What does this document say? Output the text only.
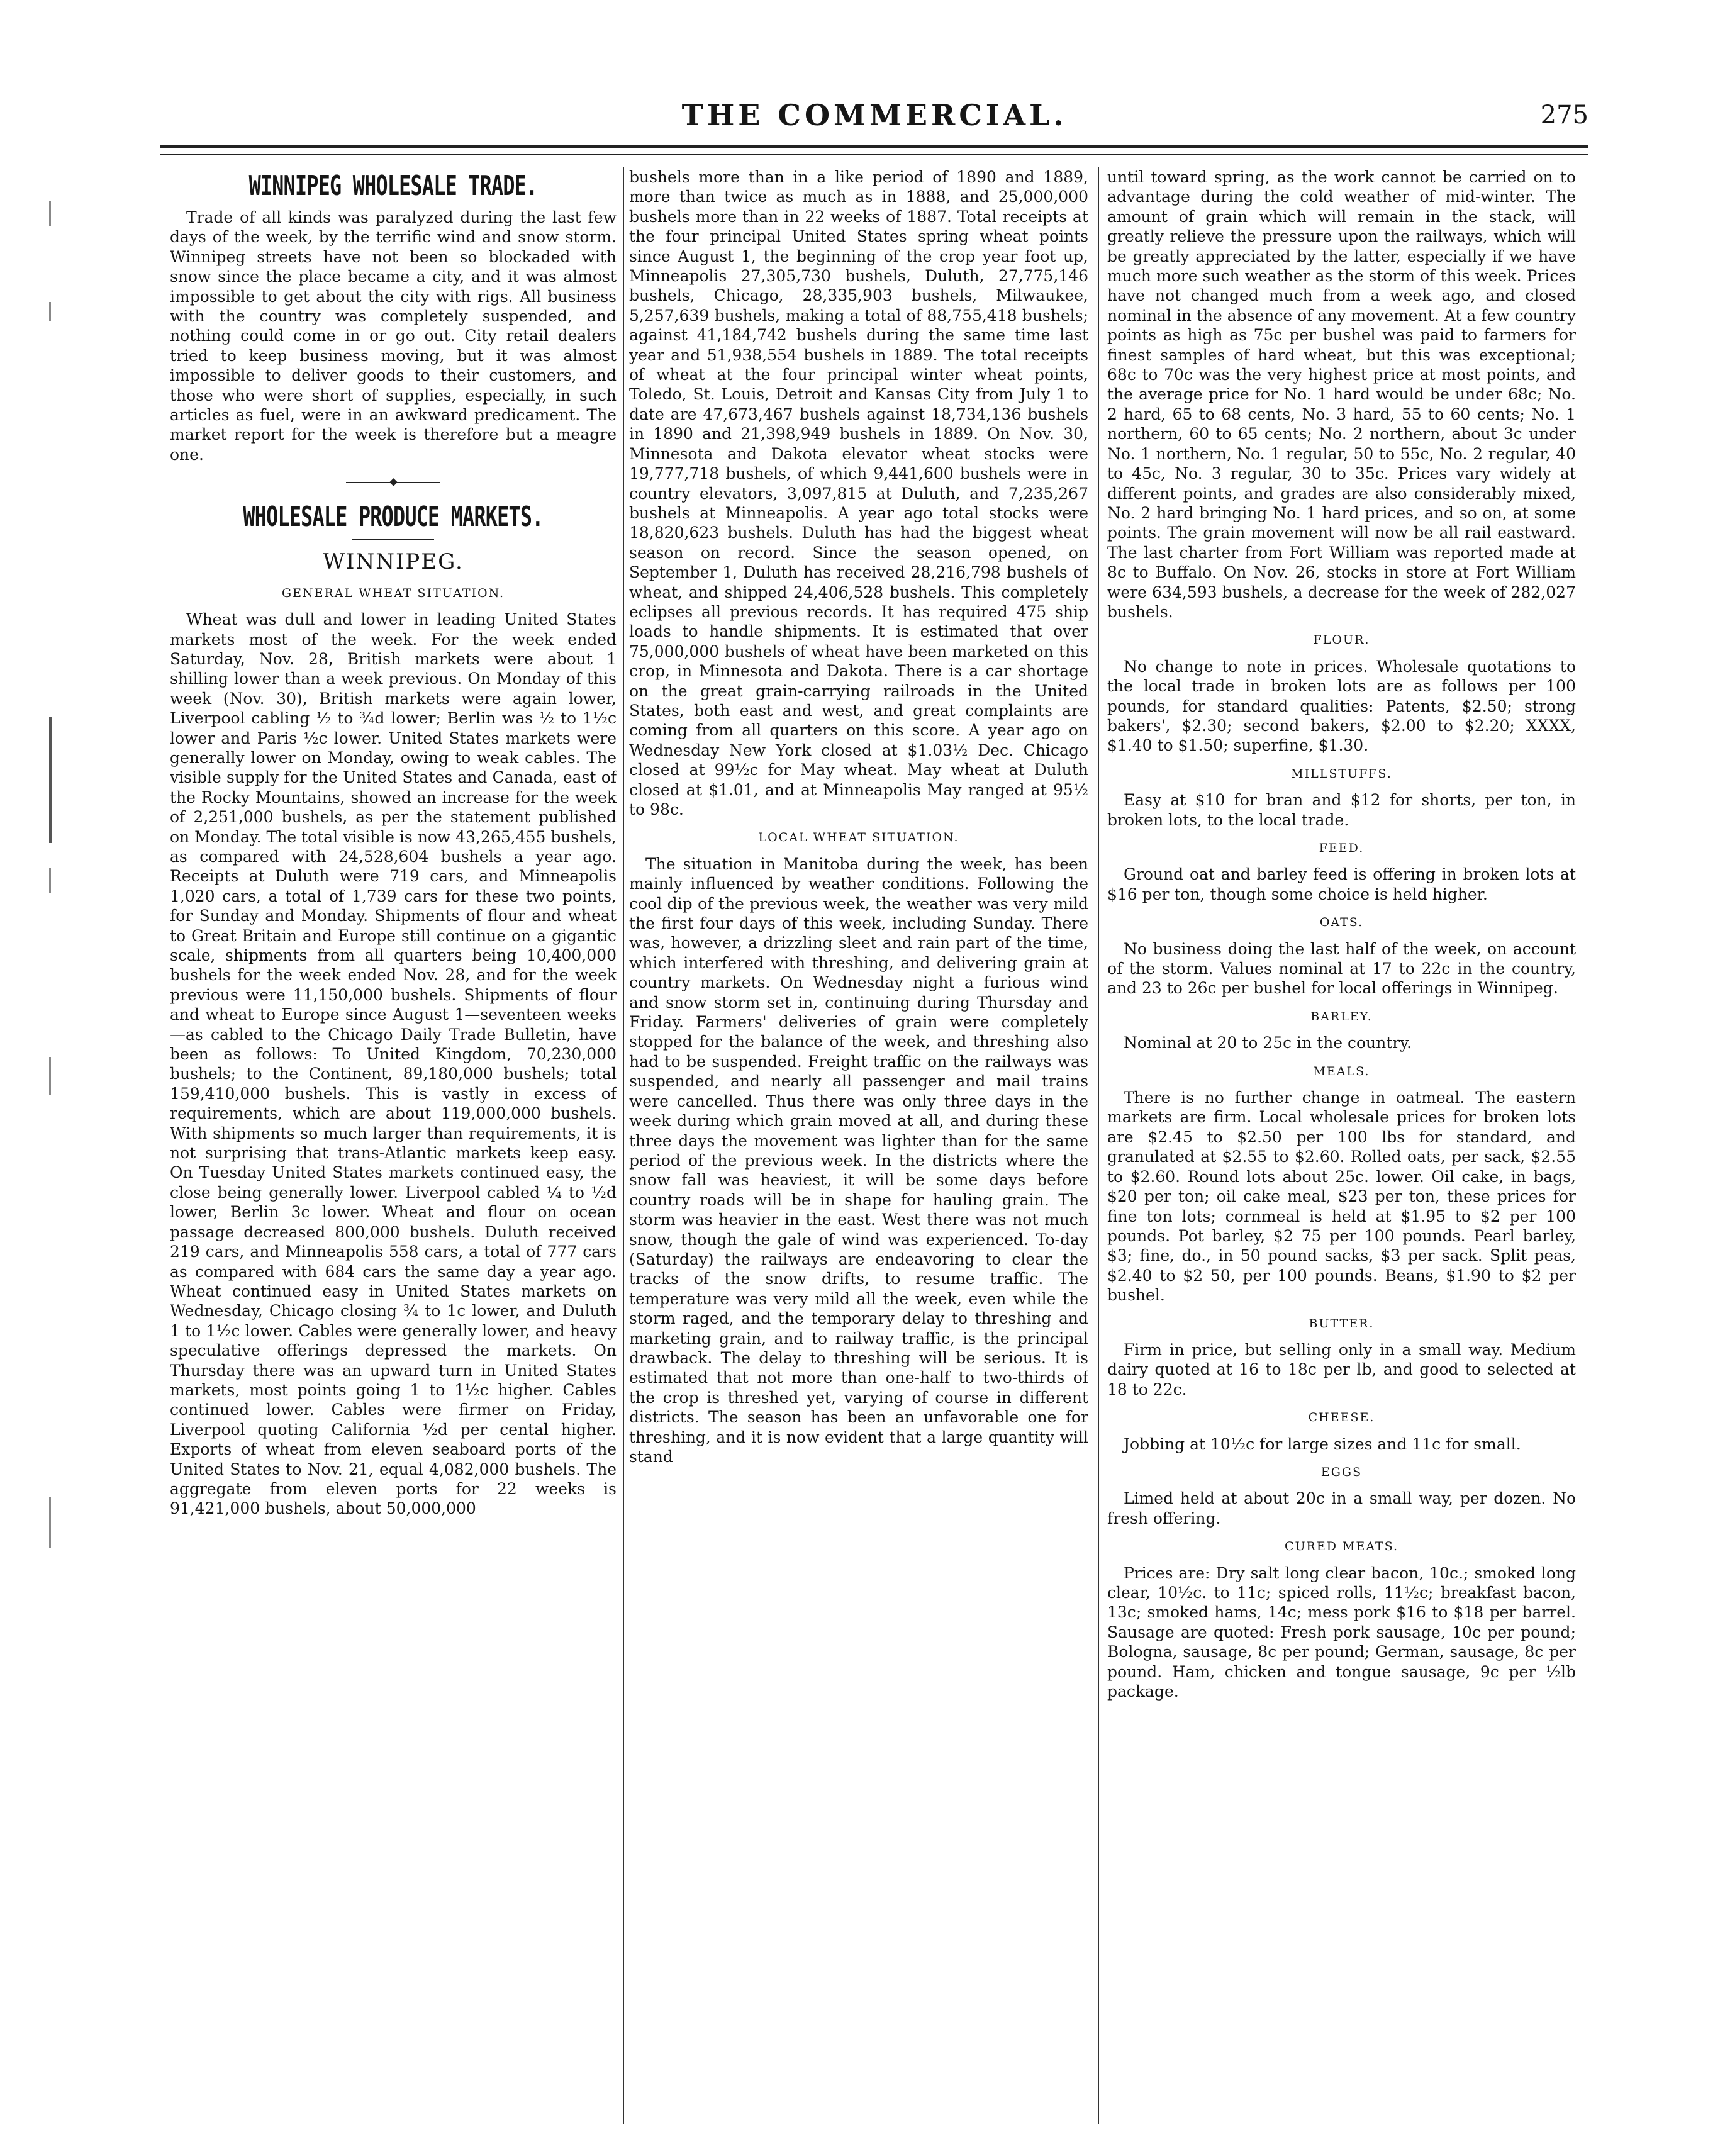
THE COMMERCIAL.	275
WINNIPEG WHOLESALE TRADE.

Trade of all kinds was paralyzed during the last few days of the week, by the terrific wind and snow storm. Winnipeg streets have not been so blockaded with snow since the place became a city, and it was almost impossible to get about the city with rigs. All business with the country was completely suspended, and nothing could come in or go out. City retail dealers tried to keep business moving, but it was almost impossible to deliver goods to their customers, and those who were short of supplies, especially, in such articles as fuel, were in an awkward predicament. The market report for the week is therefore but a meagre one.

WHOLESALE PRODUCE MARKETS.
WINNIPEG.
GENERAL WHEAT SITUATION.

Wheat was dull and lower in leading United States markets most of the week. For the week ended Saturday, Nov. 28, British markets were about 1 shilling lower than a week previous. On Monday of this week (Nov. 30), British markets were again lower, Liverpool cabling ½ to ¾d lower; Berlin was ½ to 1½c lower and Paris ½c lower. United States markets were generally lower on Monday, owing to weak cables. The visible supply for the United States and Canada, east of the Rocky Mountains, showed an increase for the week of 2,251,000 bushels, as per the statement published on Monday. The total visible is now 43,265,455 bushels, as compared with 24,528,604 bushels a year ago. Receipts at Duluth were 719 cars, and Minneapolis 1,020 cars, a total of 1,739 cars for these two points, for Sunday and Monday. Shipments of flour and wheat to Great Britain and Europe still continue on a gigantic scale, shipments from all quarters being 10,400,000 bushels for the week ended Nov. 28, and for the week previous were 11,150,000 bushels. Shipments of flour and wheat to Europe since August 1—seventeen weeks—as cabled to the Chicago Daily Trade Bulletin, have been as follows: To United Kingdom, 70,230,000 bushels; to the Continent, 89,180,000 bushels; total 159,410,000 bushels. This is vastly in excess of requirements, which are about 119,000,000 bushels. With shipments so much larger than requirements, it is not surprising that trans-Atlantic markets keep easy. On Tuesday United States markets continued easy, the close being generally lower. Liverpool cabled ¼ to ½d lower, Berlin 3c lower. Wheat and flour on ocean passage decreased 800,000 bushels. Duluth received 219 cars, and Minneapolis 558 cars, a total of 777 cars as compared with 684 cars the same day a year ago. Wheat continued easy in United States markets on Wednesday, Chicago closing ¾ to 1c lower, and Duluth 1 to 1½c lower. Cables were generally lower, and heavy speculative offerings depressed the markets. On Thursday there was an upward turn in United States markets, most points going 1 to 1½c higher. Cables continued lower. Cables were firmer on Friday, Liverpool quoting California ½d per cental higher. Exports of wheat from eleven seaboard ports of the United States to Nov. 21, equal 4,082,000 bushels. The aggregate from eleven ports for 22 weeks is 91,421,000 bushels, about 50,000,000

bushels more than in a like period of 1890 and 1889, more than twice as much as in 1888, and 25,000,000 bushels more than in 22 weeks of 1887. Total receipts at the four principal United States spring wheat points since August 1, the beginning of the crop year foot up, Minneapolis 27,305,730 bushels, Duluth, 27,775,146 bushels, Chicago, 28,335,903 bushels, Milwaukee, 5,257,639 bushels, making a total of 88,755,418 bushels; against 41,184,742 bushels during the same time last year and 51,938,554 bushels in 1889. The total receipts of wheat at the four principal winter wheat points, Toledo, St. Louis, Detroit and Kansas City from July 1 to date are 47,673,467 bushels against 18,734,136 bushels in 1890 and 21,398,949 bushels in 1889. On Nov. 30, Minnesota and Dakota elevator wheat stocks were 19,777,718 bushels, of which 9,441,600 bushels were in country elevators, 3,097,815 at Duluth, and 7,235,267 bushels at Minneapolis. A year ago total stocks were 18,820,623 bushels. Duluth has had the biggest wheat season on record. Since the season opened, on September 1, Duluth has received 28,216,798 bushels of wheat, and shipped 24,406,528 bushels. This completely eclipses all previous records. It has required 475 ship loads to handle shipments. It is estimated that over 75,000,000 bushels of wheat have been marketed on this crop, in Minnesota and Dakota. There is a car shortage on the great grain-carrying railroads in the United States, both east and west, and great complaints are coming from all quarters on this score. A year ago on Wednesday New York closed at $1.03½ Dec. Chicago closed at 99½c for May wheat. May wheat at Duluth closed at $1.01, and at Minneapolis May ranged at 95½ to 98c.

LOCAL WHEAT SITUATION.

The situation in Manitoba during the week, has been mainly influenced by weather conditions. Following the cool dip of the previous week, the weather was very mild the first four days of this week, including Sunday. There was, however, a drizzling sleet and rain part of the time, which interfered with threshing, and delivering grain at country markets. On Wednesday night a furious wind and snow storm set in, continuing during Thursday and Friday. Farmers' deliveries of grain were completely stopped for the balance of the week, and threshing also had to be suspended. Freight traffic on the railways was suspended, and nearly all passenger and mail trains were cancelled. Thus there was only three days in the week during which grain moved at all, and during these three days the movement was lighter than for the same period of the previous week. In the districts where the snow fall was heaviest, it will be some days before country roads will be in shape for hauling grain. The storm was heavier in the east. West there was not much snow, though the gale of wind was experienced. To-day (Saturday) the railways are endeavoring to clear the tracks of the snow drifts, to resume traffic. The temperature was very mild all the week, even while the storm raged, and the temporary delay to threshing and marketing grain, and to railway traffic, is the principal drawback. The delay to threshing will be serious. It is estimated that not more than one-half to two-thirds of the crop is threshed yet, varying of course in different districts. The season has been an unfavorable one for threshing, and it is now evident that a large quantity will stand

until toward spring, as the work cannot be carried on to advantage during the cold weather of mid-winter. The amount of grain which will remain in the stack, will greatly relieve the pressure upon the railways, which will be greatly appreciated by the latter, especially if we have much more such weather as the storm of this week. Prices have not changed much from a week ago, and closed nominal in the absence of any movement. At a few country points as high as 75c per bushel was paid to farmers for finest samples of hard wheat, but this was exceptional; 68c to 70c was the very highest price at most points, and the average price for No. 1 hard would be under 68c; No. 2 hard, 65 to 68 cents, No. 3 hard, 55 to 60 cents; No. 1 northern, 60 to 65 cents; No. 2 northern, about 3c under No. 1 northern, No. 1 regular, 50 to 55c, No. 2 regular, 40 to 45c, No. 3 regular, 30 to 35c. Prices vary widely at different points, and grades are also considerably mixed, No. 2 hard bringing No. 1 hard prices, and so on, at some points. The grain movement will now be all rail eastward. The last charter from Fort William was reported made at 8c to Buffalo. On Nov. 26, stocks in store at Fort William were 634,593 bushels, a decrease for the week of 282,027 bushels.

FLOUR.

No change to note in prices. Wholesale quotations to the local trade in broken lots are as follows per 100 pounds, for standard qualities: Patents, $2.50; strong bakers', $2.30; second bakers, $2.00 to $2.20; XXXX, $1.40 to $1.50; superfine, $1.30.

MILLSTUFFS.

Easy at $10 for bran and $12 for shorts, per ton, in broken lots, to the local trade.

FEED.

Ground oat and barley feed is offering in broken lots at $16 per ton, though some choice is held higher.

OATS.

No business doing the last half of the week, on account of the storm. Values nominal at 17 to 22c in the country, and 23 to 26c per bushel for local offerings in Winnipeg.

BARLEY.

Nominal at 20 to 25c in the country.

MEALS.

There is no further change in oatmeal. The eastern markets are firm. Local wholesale prices for broken lots are $2.45 to $2.50 per 100 lbs for standard, and granulated at $2.55 to $2.60. Rolled oats, per sack, $2.55 to $2.60. Round lots about 25c. lower. Oil cake, in bags, $20 per ton; oil cake meal, $23 per ton, these prices for fine ton lots; cornmeal is held at $1.95 to $2 per 100 pounds. Pot barley, $2 75 per 100 pounds. Pearl barley, $3; fine, do., in 50 pound sacks, $3 per sack. Split peas, $2.40 to $2 50, per 100 pounds. Beans, $1.90 to $2 per bushel.

BUTTER.

Firm in price, but selling only in a small way. Medium dairy quoted at 16 to 18c per lb, and good to selected at 18 to 22c.

CHEESE.

Jobbing at 10½c for large sizes and 11c for small.

EGGS

Limed held at about 20c in a small way, per dozen. No fresh offering.

CURED MEATS.

Prices are: Dry salt long clear bacon, 10c.; smoked long clear, 10½c. to 11c; spiced rolls, 11½c; breakfast bacon, 13c; smoked hams, 14c; mess pork $16 to $18 per barrel. Sausage are quoted: Fresh pork sausage, 10c per pound; Bologna, sausage, 8c per pound; German, sausage, 8c per pound. Ham, chicken and tongue sausage, 9c per ½lb package.
